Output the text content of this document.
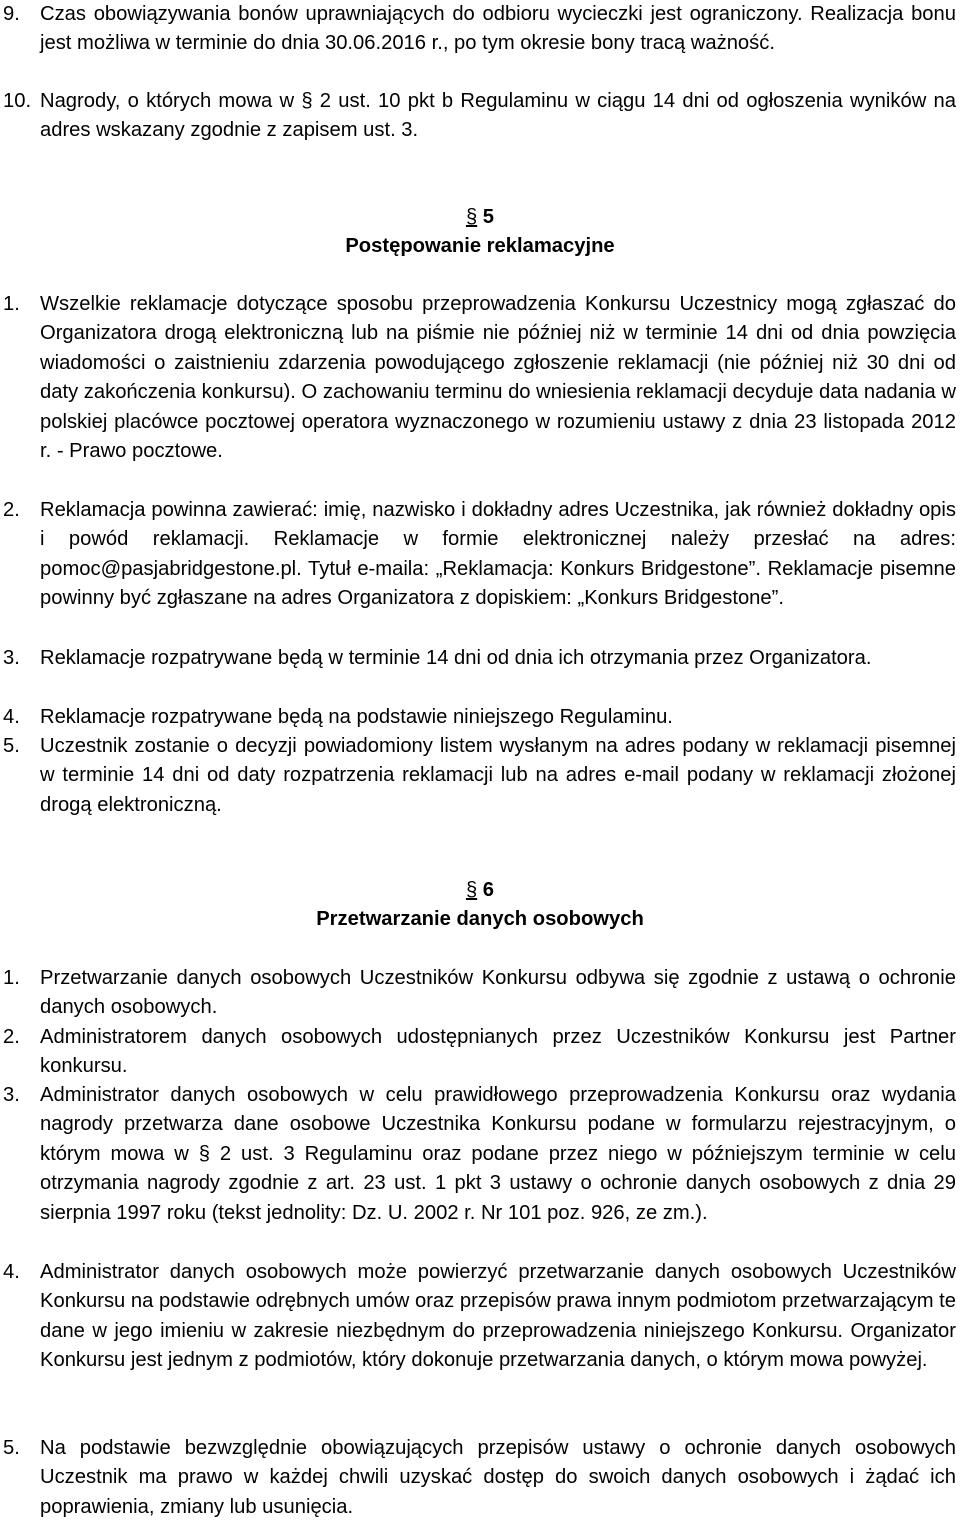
9. Czas obowiązywania bonów uprawniających do odbioru wycieczki jest ograniczony. Realizacja bonu jest możliwa w terminie do dnia 30.06.2016 r., po tym okresie bony tracą ważność.
10. Nagrody, o których mowa w § 2 ust. 10 pkt b Regulaminu w ciągu 14 dni od ogłoszenia wyników na adres wskazany zgodnie z zapisem ust. 3.
§ 5
Postępowanie reklamacyjne
1. Wszelkie reklamacje dotyczące sposobu przeprowadzenia Konkursu Uczestnicy mogą zgłaszać do Organizatora drogą elektroniczną lub na piśmie nie później niż w terminie 14 dni od dnia powzięcia wiadomości o zaistnieniu zdarzenia powodującego zgłoszenie reklamacji (nie później niż 30 dni od daty zakończenia konkursu). O zachowaniu terminu do wniesienia reklamacji decyduje data nadania w polskiej placówce pocztowej operatora wyznaczonego w rozumieniu ustawy z dnia 23 listopada 2012 r. - Prawo pocztowe.
2. Reklamacja powinna zawierać: imię, nazwisko i dokładny adres Uczestnika, jak również dokładny opis i powód reklamacji. Reklamacje w formie elektronicznej należy przesłać na adres: pomoc@pasjabridgestone.pl. Tytuł e-maila: „Reklamacja: Konkurs Bridgestone”. Reklamacje pisemne powinny być zgłaszane na adres Organizatora z dopiskiem: „Konkurs Bridgestone”.
3. Reklamacje rozpatrywane będą w terminie 14 dni od dnia ich otrzymania przez Organizatora.
4. Reklamacje rozpatrywane będą na podstawie niniejszego Regulaminu.
5. Uczestnik zostanie o decyzji powiadomiony listem wysłanym na adres podany w reklamacji pisemnej w terminie 14 dni od daty rozpatrzenia reklamacji lub na adres e-mail podany w reklamacji złożonej drogą elektroniczną.
§ 6
Przetwarzanie danych osobowych
1. Przetwarzanie danych osobowych Uczestników Konkursu odbywa się zgodnie z ustawą o ochronie danych osobowych.
2. Administratorem danych osobowych udostępnianych przez Uczestników Konkursu jest Partner konkursu.
3. Administrator danych osobowych w celu prawidłowego przeprowadzenia Konkursu oraz wydania nagrody przetwarza dane osobowe Uczestnika Konkursu podane w formularzu rejestracyjnym, o którym mowa w § 2 ust. 3 Regulaminu oraz podane przez niego w późniejszym terminie w celu otrzymania nagrody zgodnie z art. 23 ust. 1 pkt 3 ustawy o ochronie danych osobowych z dnia 29 sierpnia 1997 roku (tekst jednolity: Dz. U. 2002 r. Nr 101 poz. 926, ze zm.).
4. Administrator danych osobowych może powierzyć przetwarzanie danych osobowych Uczestników Konkursu na podstawie odrębnych umów oraz przepisów prawa innym podmiotom przetwarzającym te dane w jego imieniu w zakresie niezbędnym do przeprowadzenia niniejszego Konkursu. Organizator Konkursu jest jednym z podmiotów, który dokonuje przetwarzania danych, o którym mowa powyżej.
5. Na podstawie bezwzględnie obowiązujących przepisów ustawy o ochronie danych osobowych Uczestnik ma prawo w każdej chwili uzyskać dostęp do swoich danych osobowych i żądać ich poprawienia, zmiany lub usunięcia.
